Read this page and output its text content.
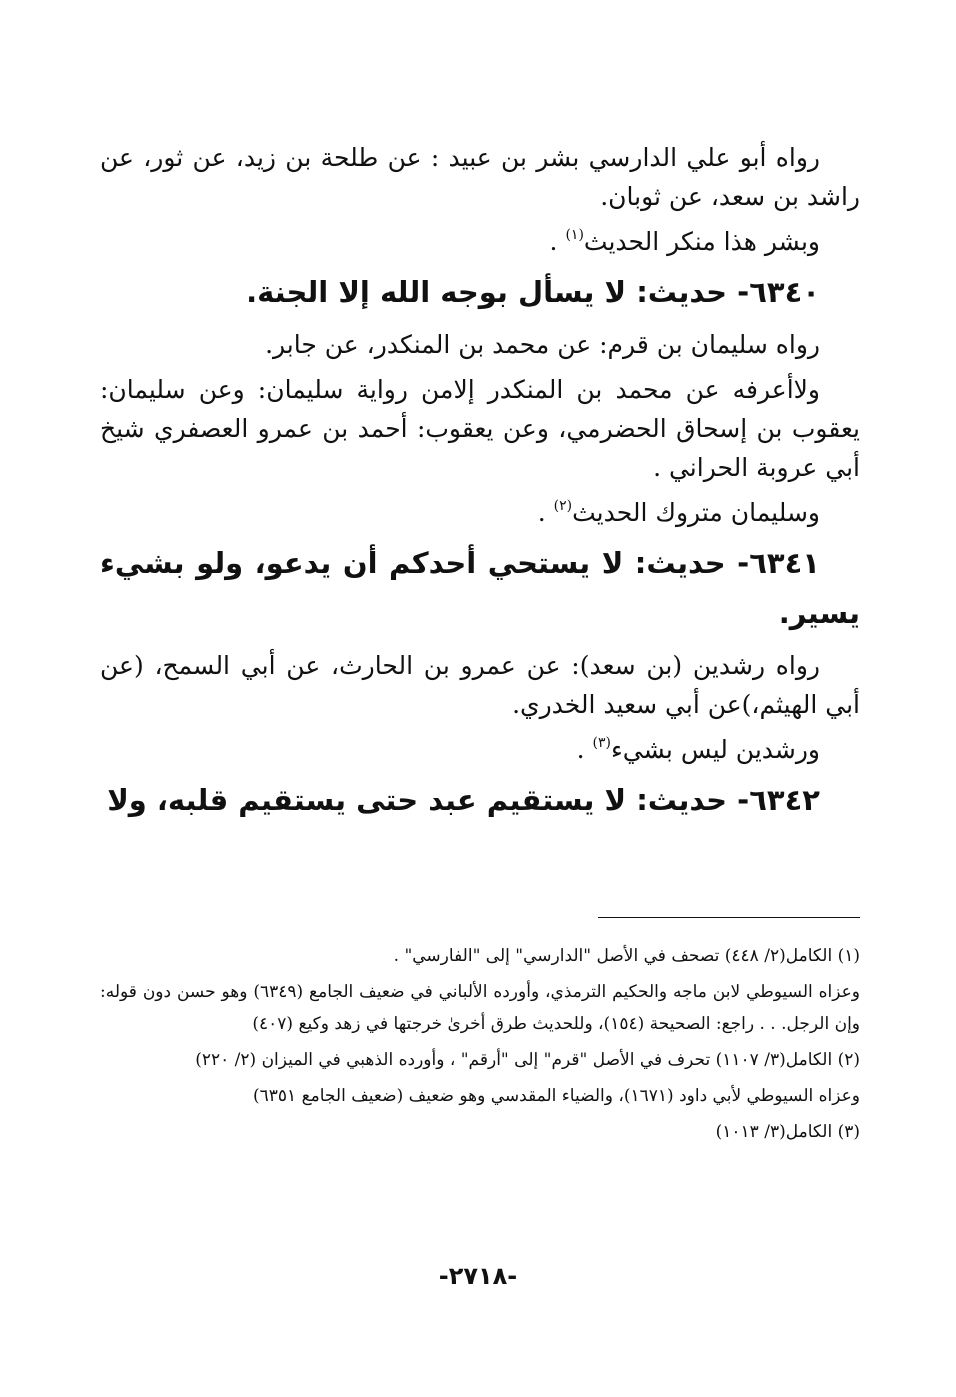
رواه أبو علي الدارسي بشر بن عبيد : عن طلحة بن زيد، عن ثور، عن راشد بن سعد، عن ثوبان.

وبشر هذا منكر الحديث$^{(١)}$ .

٦٣٤٠- حديث: لا يسأل بوجه الله إلا الجنة.

رواه سليمان بن قرم: عن محمد بن المنكدر، عن جابر.

ولاأعرفه عن محمد بن المنكدر إلامن رواية سليمان: وعن سليمان: يعقوب بن إسحاق الحضرمي، وعن يعقوب: أحمد بن عمرو العصفري شيخ أبي عروبة الحراني .

وسليمان متروك الحديث$^{(٢)}$ .

٦٣٤١- حديث: لا يستحي أحدكم أن يدعو، ولو بشيء يسير.

رواه رشدين (بن سعد): عن عمرو بن الحارث، عن أبي السمح، (عن أبي الهيثم،)عن أبي سعيد الخدري.

ورشدين ليس بشيء$^{(٣)}$ .

٦٣٤٢- حديث: لا يستقيم عبد حتى يستقيم قلبه، ولا

(١) الكامل(٢/ ٤٤٨) تصحف في الأصل "الدارسي" إلى "الفارسي" .

وعزاه السيوطي لابن ماجه والحكيم الترمذي، وأورده الألباني في ضعيف الجامع (٦٣٤٩) وهو حسن دون قوله: وإن الرجل. . . راجع: الصحيحة (١٥٤)، وللحديث طرق أخرىٰ خرجتها في زهد وكيع (٤٠٧)

(٢) الكامل(٣/ ١١٠٧) تحرف في الأصل "قرم" إلى "أرقم" ، وأورده الذهبي في الميزان (٢/ ٢٢٠)

وعزاه السيوطي لأبي داود (١٦٧١)، والضياء المقدسي وهو ضعيف (ضعيف الجامع ٦٣٥١)

(٣) الكامل(٣/ ١٠١٣)

-٢٧١٨-
